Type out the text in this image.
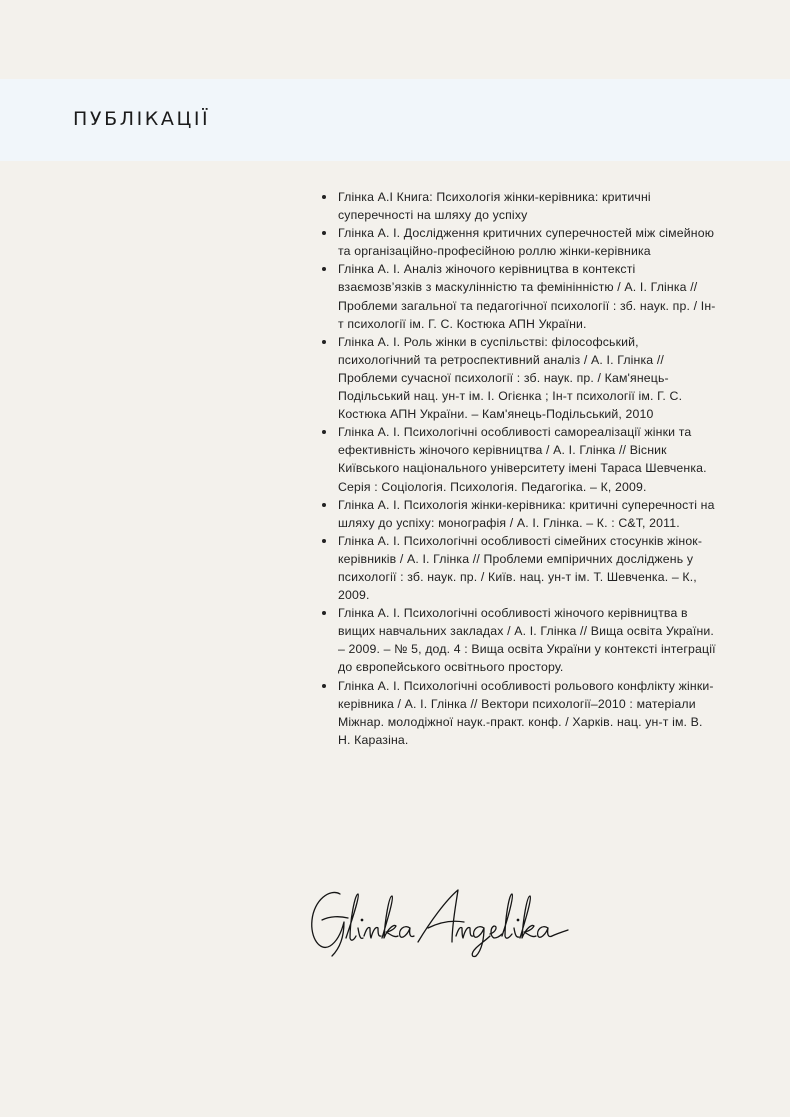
ПУБЛІКАЦІЇ
Глінка А.І Книга: Психологія жінки-керівника: критичні суперечності на шляху до успіху
Глінка А. І. Дослідження критичних суперечностей між сімейною та організаційно-професійною роллю жінки-керівника
Глінка А. І. Аналіз жіночого керівництва в контексті взаємозв’язків з маскулінністю та фемінінністю / А. І. Глінка // Проблеми загальної та педагогічної психології : зб. наук. пр. / Ін-т психології ім. Г. С. Костюка АПН України.
Глінка А. І. Роль жінки в суспільстві: філософський, психологічний та ретроспективний аналіз / А. І. Глінка // Проблеми сучасної психології : зб. наук. пр. / Кам'янець-Подільський нац. ун-т ім. І. Огієнка ; Ін-т психології ім. Г. С. Костюка АПН України. – Кам'янець-Подільський, 2010
Глінка А. І. Психологічні особливості самореалізації жінки та ефективність жіночого керівництва / А. І. Глінка // Вісник Київського національного університету імені Тараса Шевченка. Серія : Соціологія. Психологія. Педагогіка. – К, 2009.
Глінка А. І. Психологія жінки-керівника: критичні суперечності на шляху до успіху: монографія / А. І. Глінка. – К. : С&Т, 2011.
Глінка А. І. Психологічні особливості сімейних стосунків жінок-керівників / А. І. Глінка // Проблеми емпіричних досліджень у психології : зб. наук. пр. / Київ. нац. ун-т ім. Т. Шевченка. – К., 2009.
Глінка А. І. Психологічні особливості жіночого керівництва в вищих навчальних закладах / А. І. Глінка // Вища освіта України. – 2009. – № 5, дод. 4 : Вища освіта України у контексті інтеграції до європейського освітнього простору.
Глінка А. І. Психологічні особливості рольового конфлікту жінки-керівника / А. І. Глінка // Вектори психології–2010 : матеріали Міжнар. молодіжної наук.-практ. конф. / Харків. нац. ун-т ім. В. Н. Каразіна.
